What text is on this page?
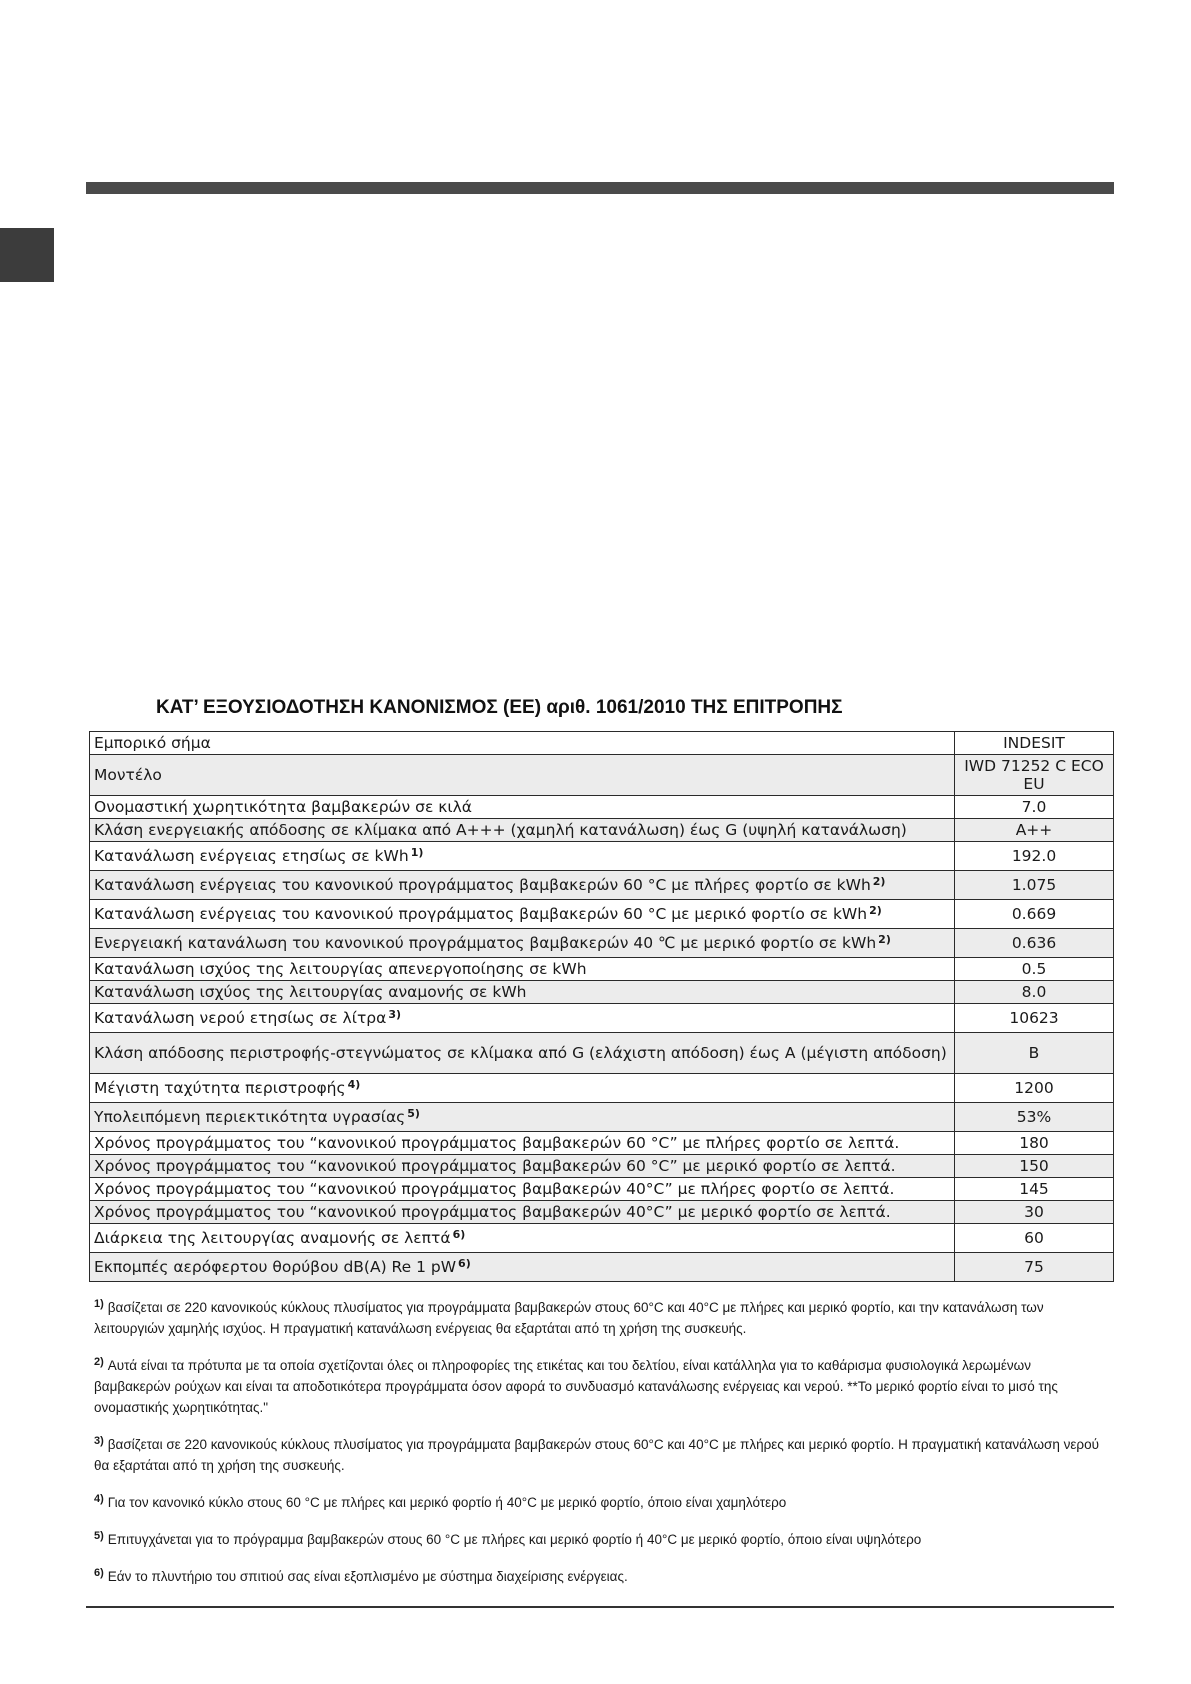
ΚΑΤ’ ΕΞΟΥΣΙΟΔΟΤΗΣΗ ΚΑΝΟΝΙΣΜΟΣ (ΕΕ) αριθ. 1061/2010 ΤΗΣ ΕΠΙΤΡΟΠΗΣ
Εμπορικό σήμα	INDESIT
Μοντέλο	IWD 71252 C ECO EU
Ονομαστική χωρητικότητα βαμβακερών σε κιλά	7.0
Κλάση ενεργειακής απόδοσης σε κλίμακα από Α+++ (χαμηλή κατανάλωση) έως G (υψηλή κατανάλωση)	A++
Κατανάλωση ενέργειας ετησίως σε kWh $^{1)}$	192.0
Κατανάλωση ενέργειας του κανονικού προγράμματος βαμβακερών 60 °C με πλήρες φορτίο σε kWh $^{2)}$	1.075
Κατανάλωση ενέργειας του κανονικού προγράμματος βαμβακερών 60 °C με μερικό φορτίο σε kWh $^{2)}$	0.669
Ενεργειακή κατανάλωση του κανονικού προγράμματος βαμβακερών 40 ℃ με μερικό φορτίο σε kWh $^{2)}$	0.636
Κατανάλωση ισχύος της λειτουργίας απενεργοποίησης σε kWh	0.5
Κατανάλωση ισχύος της λειτουργίας αναμονής σε kWh	8.0
Κατανάλωση νερού ετησίως σε λίτρα $^{3)}$	10623
Κλάση απόδοσης περιστροφής-στεγνώματος σε κλίμακα από G (ελάχιστη απόδοση) έως Α (μέγιστη απόδοση)	B
Μέγιστη ταχύτητα περιστροφής $^{4)}$	1200
Υπολειπόμενη περιεκτικότητα υγρασίας $^{5)}$	53%
Χρόνος προγράμματος του “κανονικού προγράμματος βαμβακερών 60 °C” με πλήρες φορτίο σε λεπτά.	180
Χρόνος προγράμματος του “κανονικού προγράμματος βαμβακερών 60 °C” με μερικό φορτίο σε λεπτά.	150
Χρόνος προγράμματος του “κανονικού προγράμματος βαμβακερών 40°C” με πλήρες φορτίο σε λεπτά.	145
Χρόνος προγράμματος του “κανονικού προγράμματος βαμβακερών 40°C” με μερικό φορτίο σε λεπτά.	30
Διάρκεια της λειτουργίας αναμονής σε λεπτά $^{6)}$	60
Εκπομπές αερόφερτου θορύβου dB(A) Re 1 pW $^{6)}$	75
$^{1)}$ βασίζεται σε 220 κανονικούς κύκλους πλυσίματος για προγράμματα βαμβακερών στους 60°C και 40°C με πλήρες και μερικό φορτίο, και την κατανάλωση των λειτουργιών χαμηλής ισχύος. Η πραγματική κατανάλωση ενέργειας θα εξαρτάται από τη χρήση της συσκευής.
$^{2)}$ Αυτά είναι τα πρότυπα με τα οποία σχετίζονται όλες οι πληροφορίες της ετικέτας και του δελτίου, είναι κατάλληλα για το καθάρισμα φυσιολογικά λερωμένων βαμβακερών ρούχων και είναι τα αποδοτικότερα προγράμματα όσον αφορά το συνδυασμό κατανάλωσης ενέργειας και νερού. **Το μερικό φορτίο είναι το μισό της ονομαστικής χωρητικότητας."
$^{3)}$ βασίζεται σε 220 κανονικούς κύκλους πλυσίματος για προγράμματα βαμβακερών στους 60°C και 40°C με πλήρες και μερικό φορτίο. Η πραγματική κατανάλωση νερού θα εξαρτάται από τη χρήση της συσκευής.
$^{4)}$ Για τον κανονικό κύκλο στους 60 °C με πλήρες και μερικό φορτίο ή 40°C με μερικό φορτίο, όποιο είναι χαμηλότερο
$^{5)}$ Επιτυγχάνεται για το πρόγραμμα βαμβακερών στους 60 °C με πλήρες και μερικό φορτίο ή 40°C με μερικό φορτίο, όποιο είναι υψηλότερο
$^{6)}$ Εάν το πλυντήριο του σπιτιού σας είναι εξοπλισμένο με σύστημα διαχείρισης ενέργειας.
